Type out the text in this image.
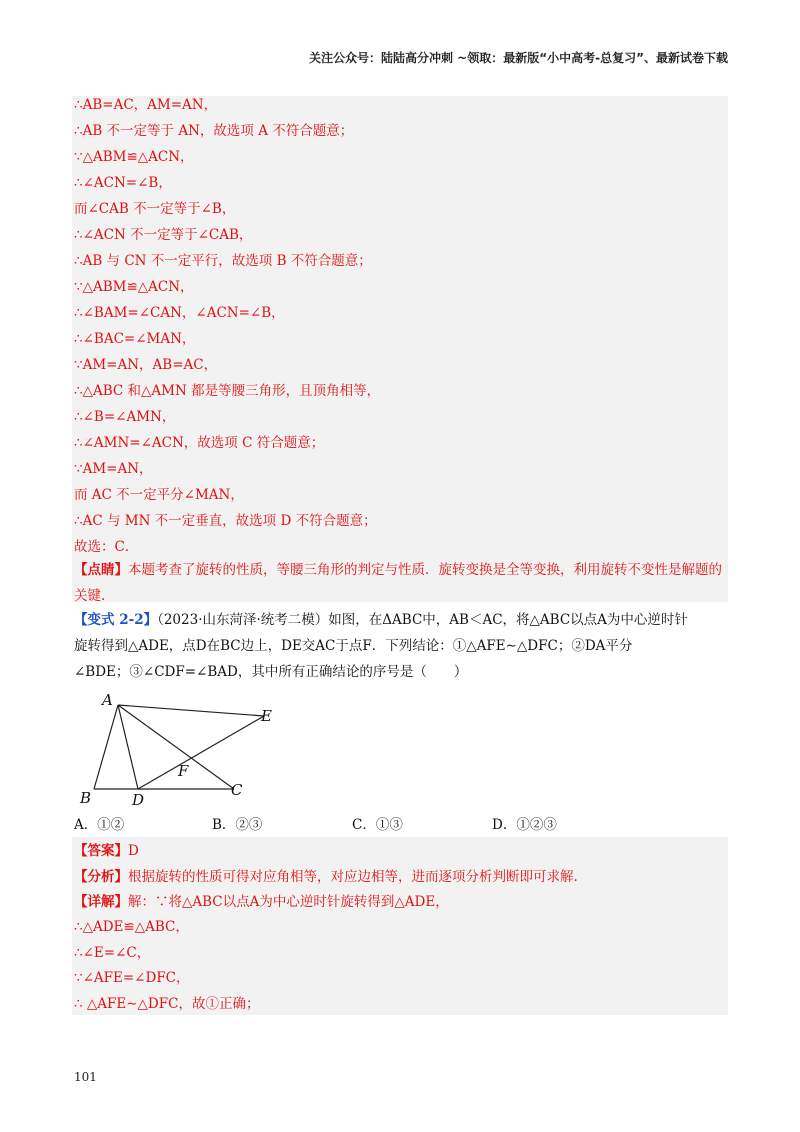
关注公众号：陆陆高分冲刺 ~领取：最新版“小中高考-总复习”、最新试卷下载
∴AB=AC，AM=AN，
∴AB 不一定等于 AN，故选项 A 不符合题意；
∵△ABM≌△ACN，
∴∠ACN=∠B，
而∠CAB 不一定等于∠B，
∴∠ACN 不一定等于∠CAB，
∴AB 与 CN 不一定平行，故选项 B 不符合题意；
∵△ABM≌△ACN，
∴∠BAM=∠CAN，∠ACN=∠B，
∴∠BAC=∠MAN，
∵AM=AN，AB=AC，
∴△ABC 和△AMN 都是等腰三角形，且顶角相等，
∴∠B=∠AMN，
∴∠AMN=∠ACN，故选项 C 符合题意；
∵AM=AN，
而 AC 不一定平分∠MAN，
∴AC 与 MN 不一定垂直，故选项 D 不符合题意；
故选：C．
【点睛】本题考查了旋转的性质，等腰三角形的判定与性质．旋转变换是全等变换，利用旋转不变性是解题的关键.
【变式 2-2】（2023·山东菏泽·统考二模）如图，在ΔABC中，AB＜AC，将△ABC以点A为中心逆时针
旋转得到△ADE，点D在BC边上，DE交AC于点F．下列结论：①△AFE∼△DFC；②DA平分
∠BDE；③∠CDF=∠BAD，其中所有正确结论的序号是（　　）
A
B	D
C
E
F
A．①②	B．②③	C．①③	D．①②③
【答案】D
【分析】根据旋转的性质可得对应角相等，对应边相等，进而逐项分析判断即可求解.
【详解】解：∵将△ABC以点A为中心逆时针旋转得到△ADE，
∴△ADE≌△ABC，
∴∠E=∠C，
∵∠AFE=∠DFC，
∴ △AFE∼△DFC，故①正确；
101
